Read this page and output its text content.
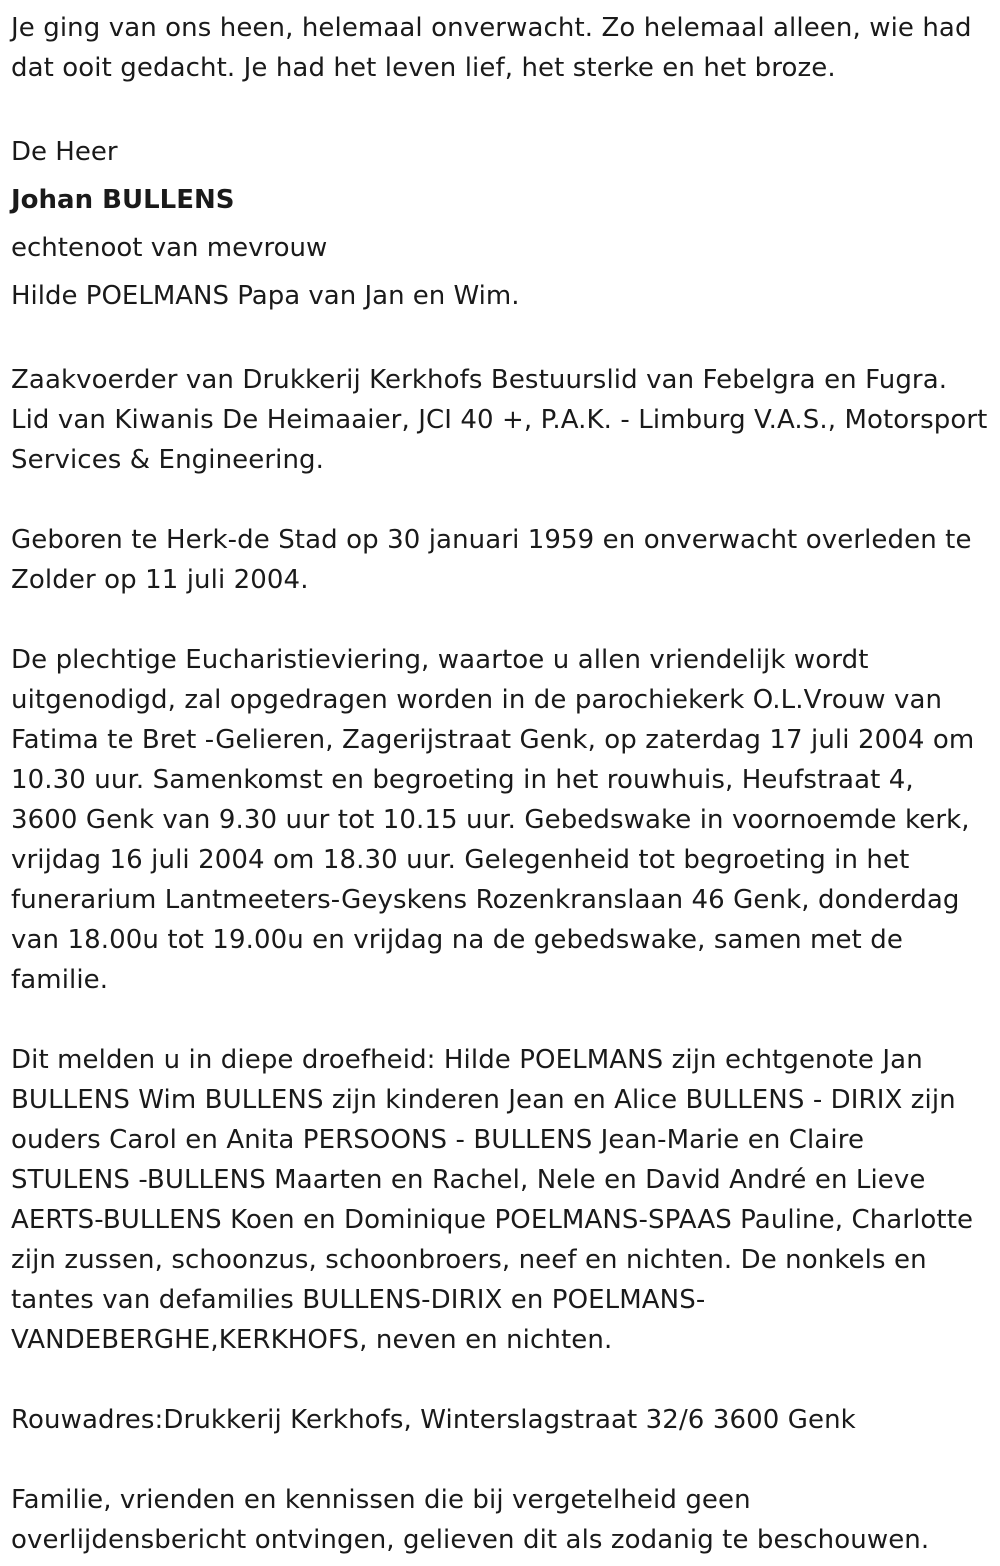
Je ging van ons heen, helemaal onverwacht. Zo helemaal alleen, wie had dat ooit gedacht. Je had het leven lief, het sterke en het broze.

De Heer
Johan BULLENS
echtenoot van mevrouw
Hilde POELMANS Papa van Jan en Wim.

Zaakvoerder van Drukkerij Kerkhofs Bestuurslid van Febelgra en Fugra. Lid van Kiwanis De Heimaaier, JCI 40 +, P.A.K. - Limburg V.A.S., Motorsport Services & Engineering.

Geboren te Herk-de Stad op 30 januari 1959 en onverwacht overleden te Zolder op 11 juli 2004.

De plechtige Eucharistieviering, waartoe u allen vriendelijk wordt uitgenodigd, zal opgedragen worden in de parochiekerk O.L.Vrouw van Fatima te Bret -Gelieren, Zagerijstraat Genk, op zaterdag 17 juli 2004 om 10.30 uur. Samenkomst en begroeting in het rouwhuis, Heufstraat 4, 3600 Genk van 9.30 uur tot 10.15 uur. Gebedswake in voornoemde kerk, vrijdag 16 juli 2004 om 18.30 uur. Gelegenheid tot begroeting in het funerarium Lantmeeters-Geyskens Rozenkranslaan 46 Genk, donderdag van 18.00u tot 19.00u en vrijdag na de gebedswake, samen met de familie.

Dit melden u in diepe droefheid: Hilde POELMANS zijn echtgenote Jan BULLENS Wim BULLENS zijn kinderen Jean en Alice BULLENS - DIRIX zijn ouders Carol en Anita PERSOONS - BULLENS Jean-Marie en Claire STULENS -BULLENS Maarten en Rachel, Nele en David André en Lieve AERTS-BULLENS Koen en Dominique POELMANS-SPAAS Pauline, Charlotte zijn zussen, schoonzus, schoonbroers, neef en nichten. De nonkels en tantes van defamilies BULLENS-DIRIX en POELMANS-VANDEBERGHE,KERKHOFS, neven en nichten.

Rouwadres:Drukkerij Kerkhofs, Winterslagstraat 32/6 3600 Genk

Familie, vrienden en kennissen die bij vergetelheid geen overlijdensbericht ontvingen, gelieven dit als zodanig te beschouwen.
